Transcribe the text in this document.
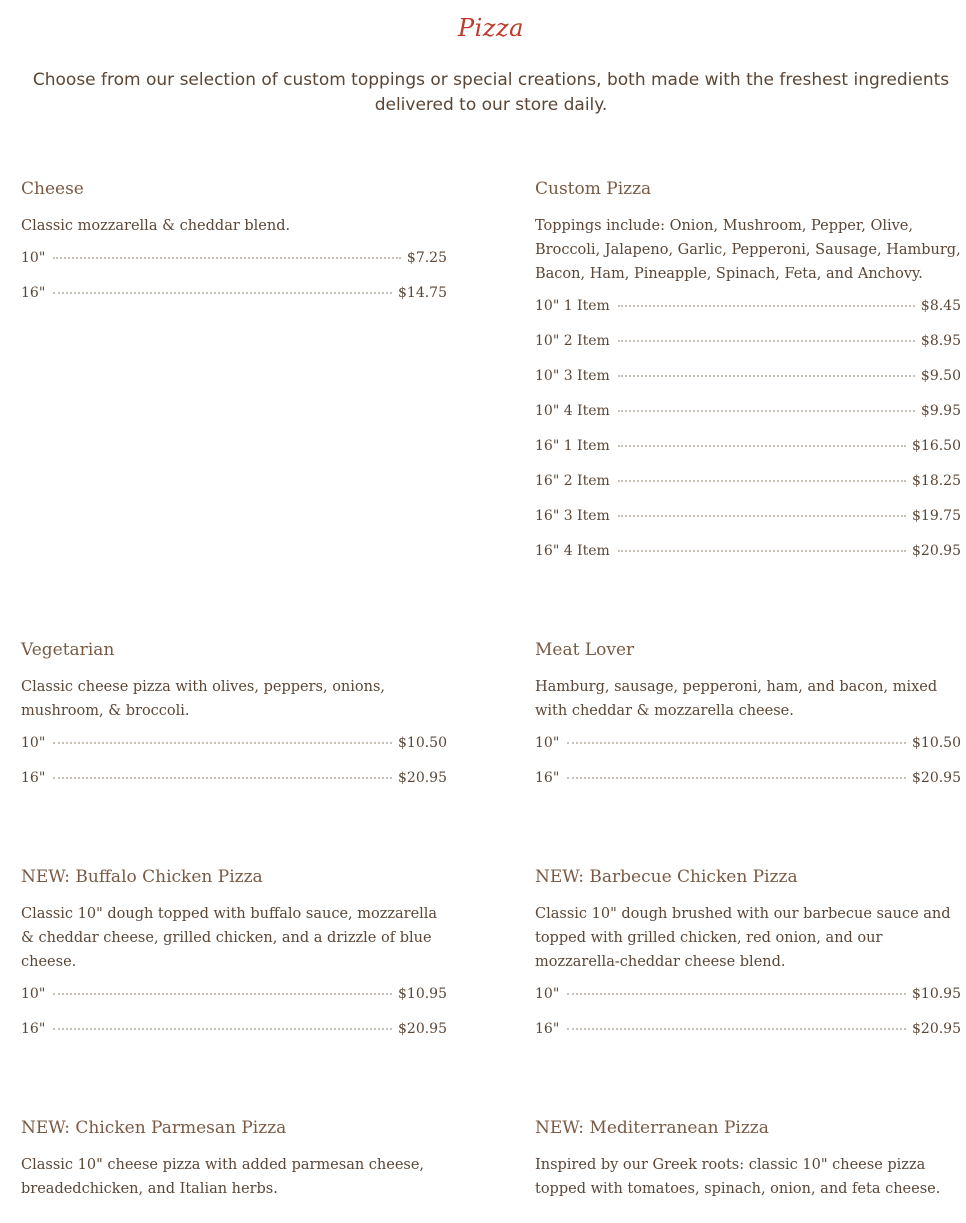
Pizza
Choose from our selection of custom toppings or special creations, both made with the freshest ingredients delivered to our store daily.
Cheese
Classic mozzarella & cheddar blend.
10"	$7.25
16"	$14.75
Custom Pizza
Toppings include: Onion, Mushroom, Pepper, Olive, Broccoli, Jalapeno, Garlic, Pepperoni, Sausage, Hamburg, Bacon, Ham, Pineapple, Spinach, Feta, and Anchovy.
10" 1 Item	$8.45
10" 2 Item	$8.95
10" 3 Item	$9.50
10" 4 Item	$9.95
16" 1 Item	$16.50
16" 2 Item	$18.25
16" 3 Item	$19.75
16" 4 Item	$20.95
Vegetarian
Classic cheese pizza with olives, peppers, onions, mushroom, & broccoli.
10"	$10.50
16"	$20.95
Meat Lover
Hamburg, sausage, pepperoni, ham, and bacon, mixed with cheddar & mozzarella cheese.
10"	$10.50
16"	$20.95
NEW: Buffalo Chicken Pizza
Classic 10" dough topped with buffalo sauce, mozzarella & cheddar cheese, grilled chicken, and a drizzle of blue cheese.
10"	$10.95
16"	$20.95
NEW: Barbecue Chicken Pizza
Classic 10" dough brushed with our barbecue sauce and topped with grilled chicken, red onion, and our mozzarella-cheddar cheese blend.
10"	$10.95
16"	$20.95
NEW: Chicken Parmesan Pizza
Classic 10" cheese pizza with added parmesan cheese, breadedchicken, and Italian herbs.
NEW: Mediterranean Pizza
Inspired by our Greek roots: classic 10" cheese pizza topped with tomatoes, spinach, onion, and feta cheese.
